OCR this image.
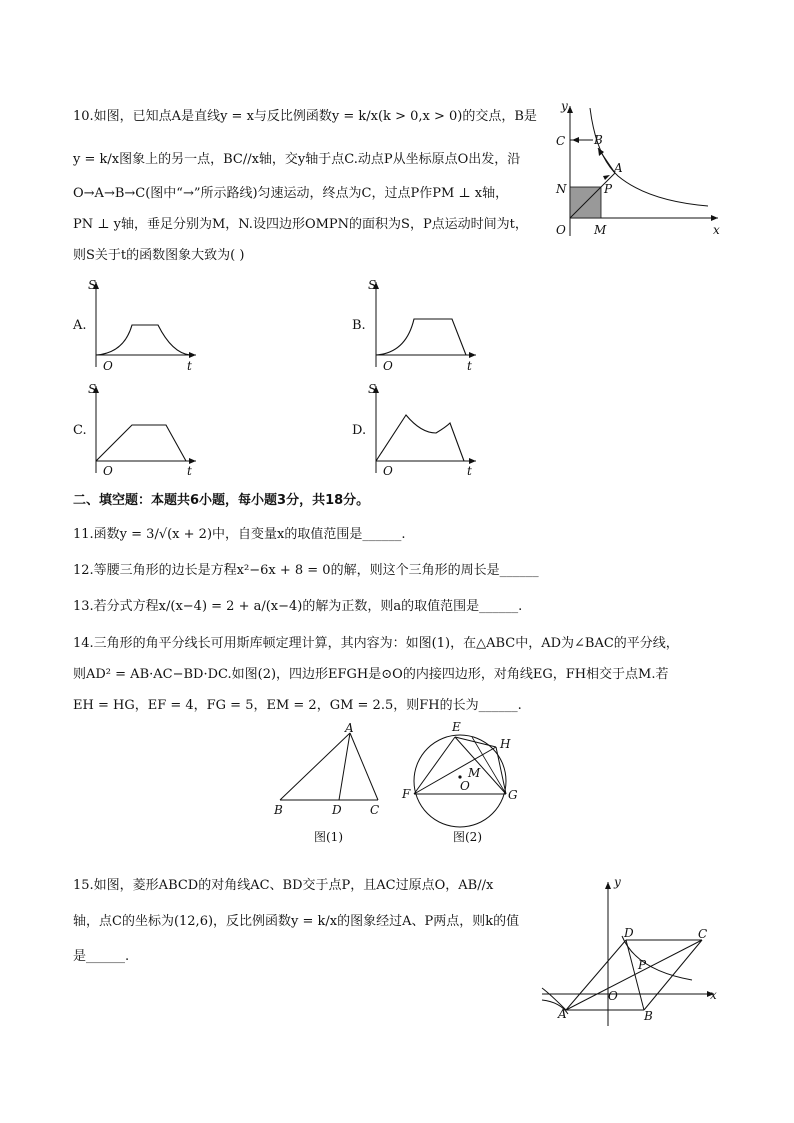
10.如图，已知点A是直线y = x与反比例函数y = k/x(k > 0,x > 0)的交点，B是
y = k/x图象上的另一点，BC//x轴，交y轴于点C.动点P从坐标原点O出发，沿
O→A→B→C(图中“→”所示路线)匀速运动，终点为C，过点P作PM ⊥ x轴，
PN ⊥ y轴，垂足分别为M，N.设四边形OMPN的面积为S，P点运动时间为t，
则S关于t的函数图象大致为( )
y
x
C B
A
P
N
O M
A.
S
O	t
B.
S
O	t
C.
S
O	t
D.
S
O	t
二、填空题：本题共6小题，每小题3分，共18分。
11.函数y = 3/√(x + 2)中，自变量x的取值范围是______.
12.等腰三角形的边长是方程x²−6x + 8 = 0的解，则这个三角形的周长是______
13.若分式方程x/(x−4) = 2 + a/(x−4)的解为正数，则a的取值范围是______.
14.三角形的角平分线长可用斯库顿定理计算，其内容为：如图(1)，在△ABC中，AD为∠BAC的平分线，
则AD² = AB·AC−BD·DC.如图(2)，四边形EFGH是⊙O的内接四边形，对角线EG，FH相交于点M.若
EH = HG，EF = 4，FG = 5，EM = 2，GM = 2.5，则FH的长为______.
A
B	D C
图(1)
E
H
M
O
F	G
图(2)
15.如图，菱形ABCD的对角线AC、BD交于点P，且AC过原点O，AB//x
轴，点C的坐标为(12,6)，反比例函数y = k/x的图象经过A、P两点，则k的值
是______.
y
x
D	C
P
O
A	B
